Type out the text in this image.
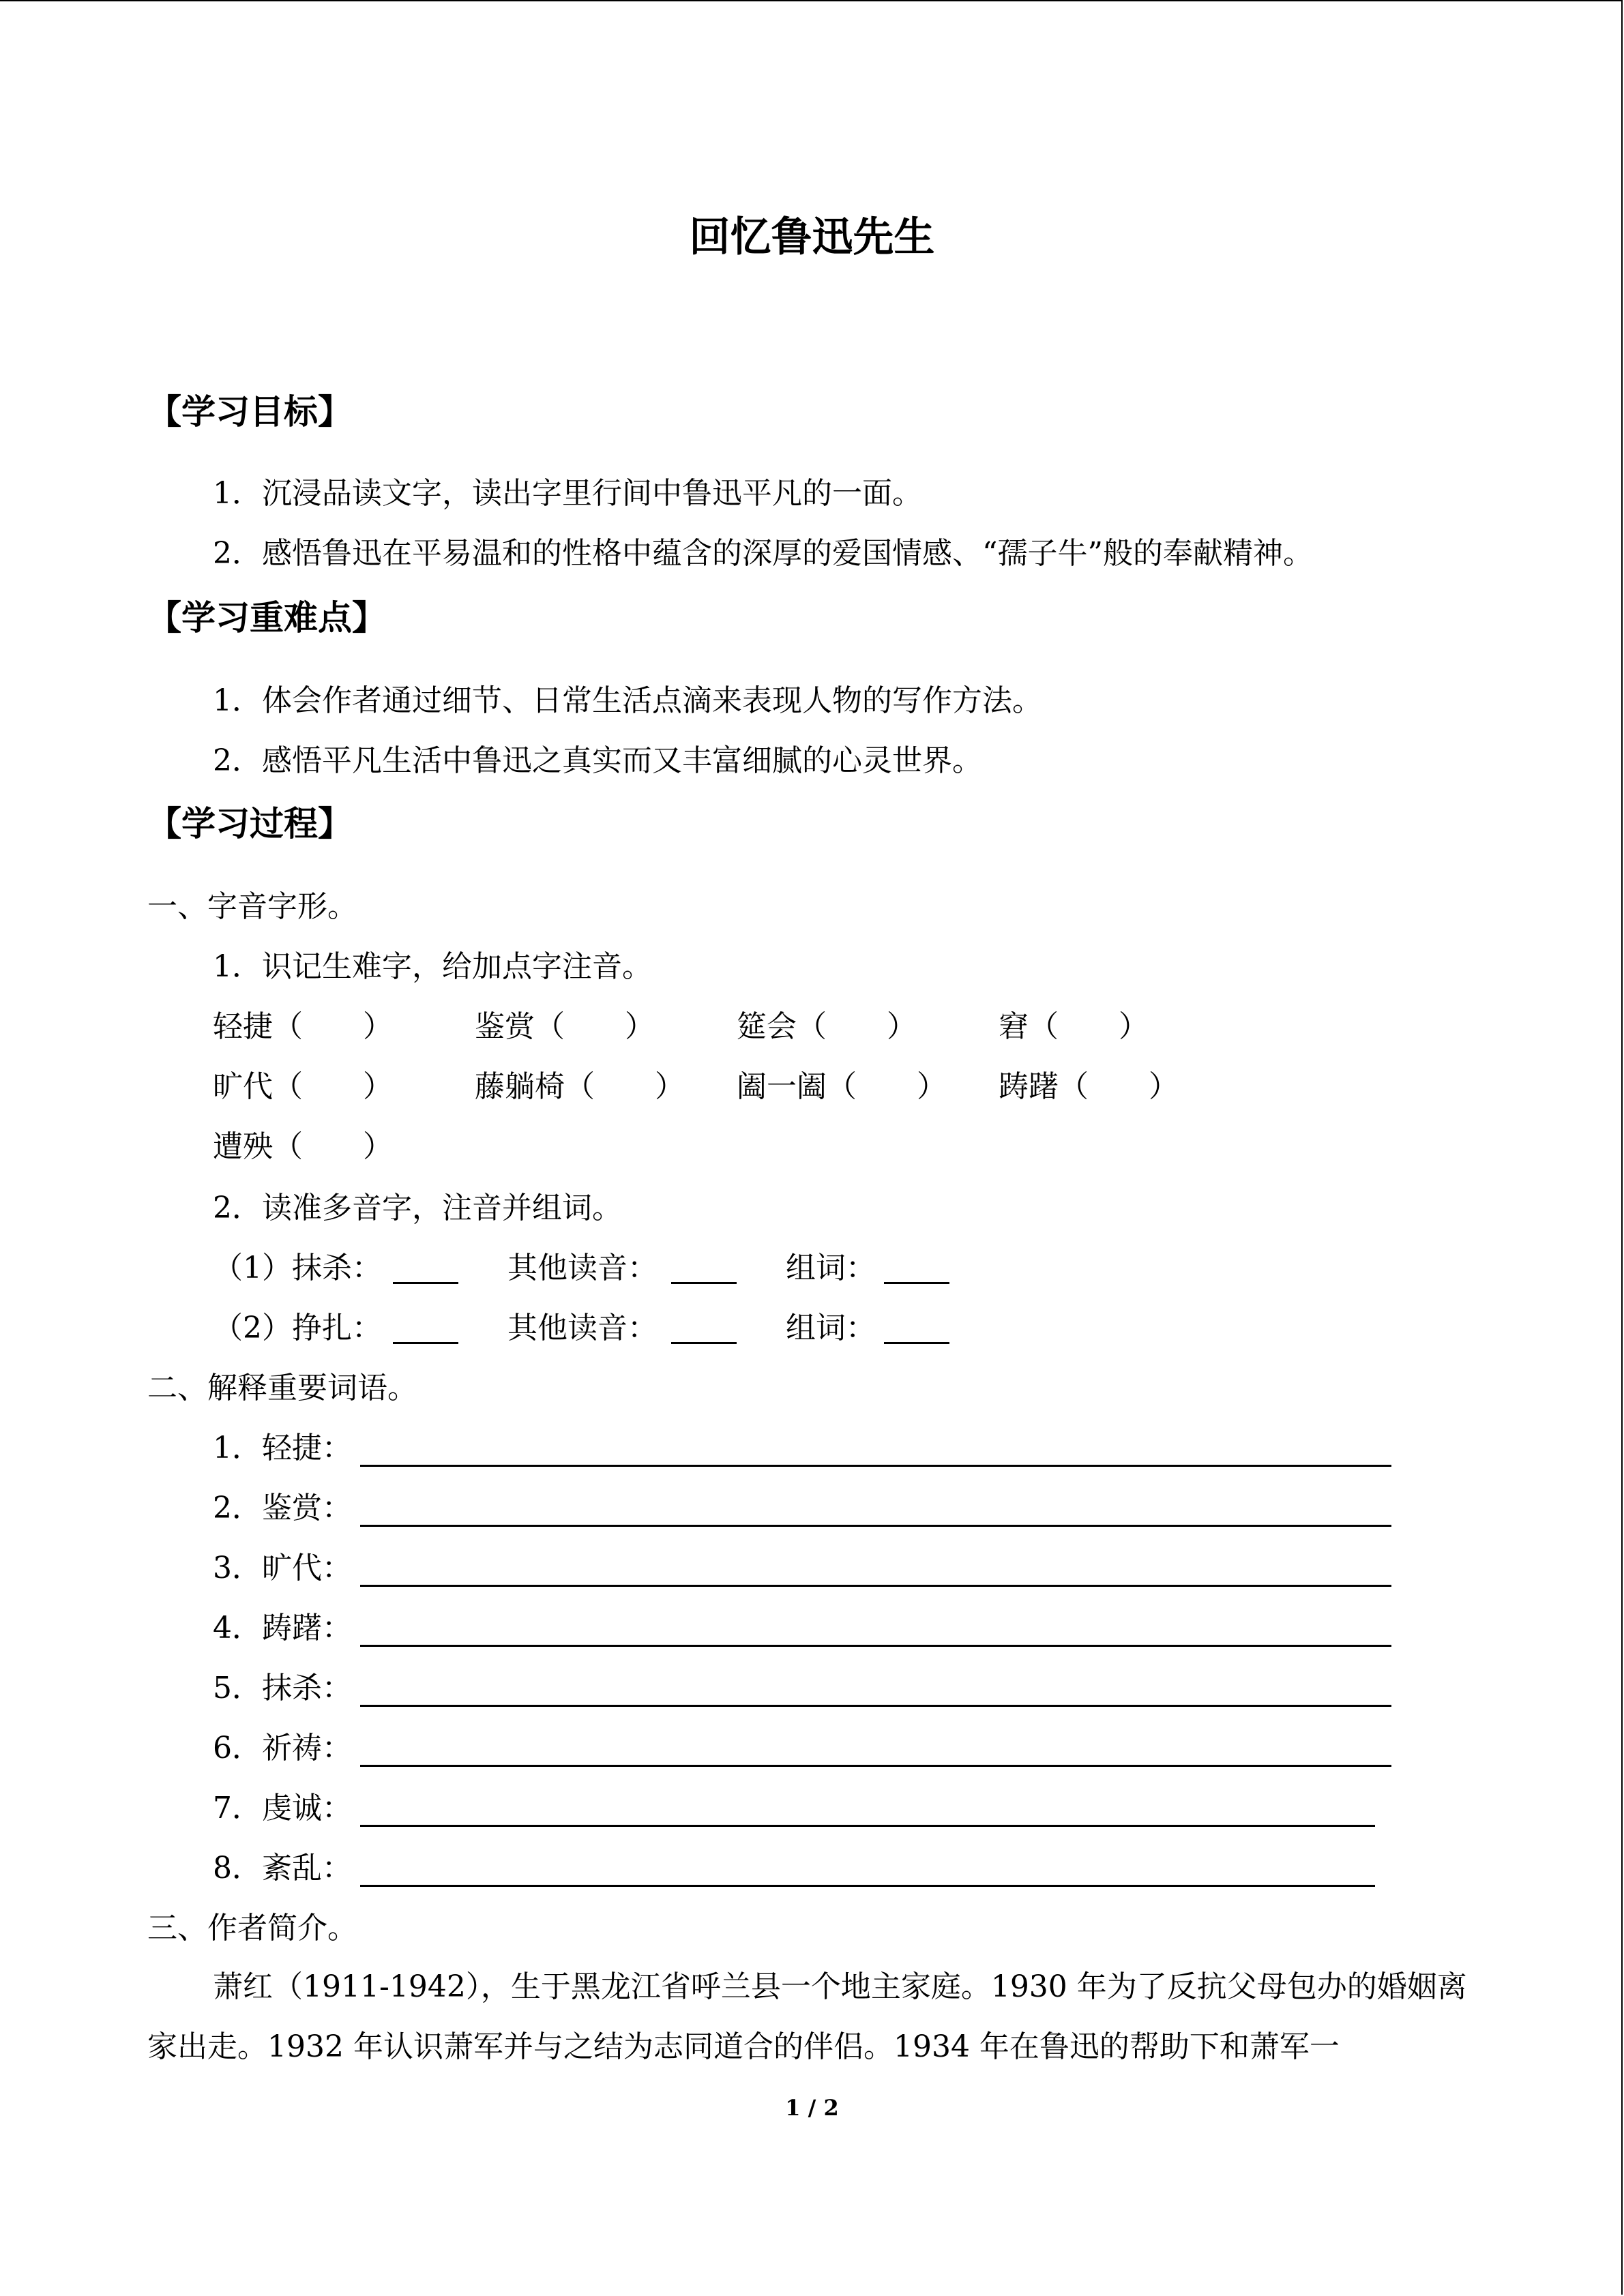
回忆鲁迅先生
【学习目标】
1．沉浸品读文字，读出字里行间中鲁迅平凡的一面。
2．感悟鲁迅在平易温和的性格中蕴含的深厚的爱国情感、“孺子牛”般的奉献精神。
【学习重难点】
1．体会作者通过细节、日常生活点滴来表现人物的写作方法。
2．感悟平凡生活中鲁迅之真实而又丰富细腻的心灵世界。
【学习过程】
一、字音字形。
1．识记生难字，给加点字注音。
轻捷（　　）	鉴赏（　　）	筵会（　　）	窘（　　）
旷代（　　）	藤躺椅（　　） 阖一阖（　　） 踌躇（　　）
遭殃（　　）
2．读准多音字，注音并组词。
（1）抹杀：	其他读音：	组词：
（2）挣扎：	其他读音：	组词：
二、解释重要词语。
1．轻捷：
2．鉴赏：
3．旷代：
4．踌躇：
5．抹杀：
6．祈祷：
7．虔诚：
8．紊乱：
三、作者简介。
萧红（1911-1942），生于黑龙江省呼兰县一个地主家庭。1930 年为了反抗父母包办的婚姻离家出走。1932 年认识萧军并与之结为志同道合的伴侣。1934 年在鲁迅的帮助下和萧军一
1 / 2
